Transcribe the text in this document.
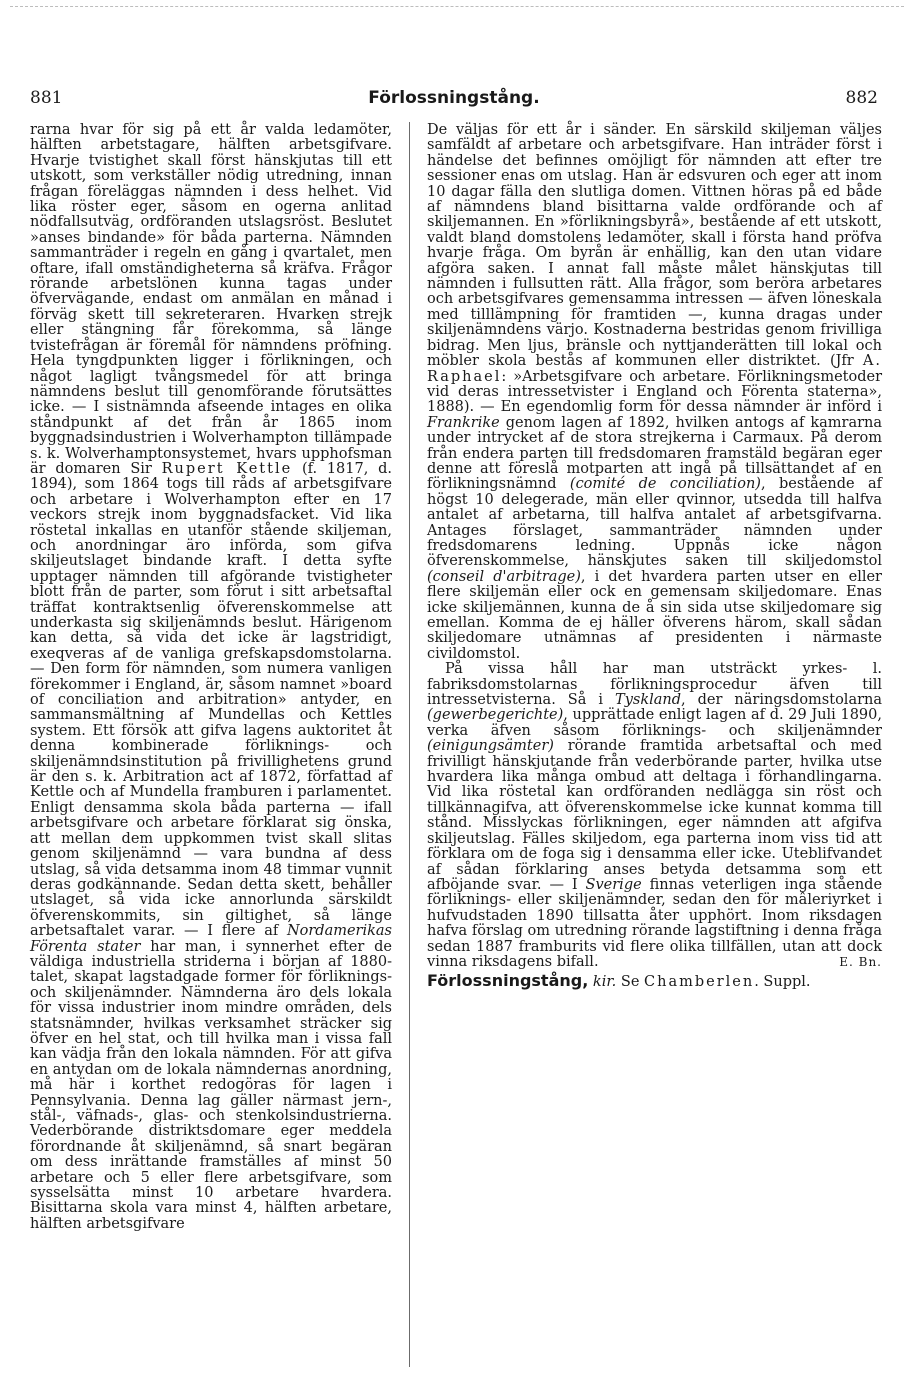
881	Förlossningstång.	882

rarna hvar för sig på ett år valda ledamöter, hälften arbetstagare, hälften arbetsgifvare. Hvarje tvistighet skall först hänskjutas till ett utskott, som verkställer nödig utredning, innan frågan föreläggas nämnden i dess helhet. Vid lika röster eger, såsom en ogerna anlitad nödfallsutväg, ordföranden utslagsröst. Beslutet »anses bindande» för båda parterna. Nämnden sammanträder i regeln en gång i qvartalet, men oftare, ifall omständigheterna så kräfva. Frågor rörande arbetslönen kunna tagas under öfvervägande, endast om anmälan en månad i förväg skett till sekreteraren. Hvarken strejk eller stängning får förekomma, så länge tvistefrågan är föremål för nämndens pröfning. Hela tyngdpunkten ligger i förlikningen, och något lagligt tvångsmedel för att bringa nämndens beslut till genomförande förutsättes icke. — I sistnämnda afseende intages en olika ståndpunkt af det från år 1865 inom byggnadsindustrien i Wolverhampton tillämpade s. k. Wolverhamptonsystemet, hvars upphofsman är domaren Sir Rupert Kettle (f. 1817, d. 1894), som 1864 togs till råds af arbetsgifvare och arbetare i Wolverhampton efter en 17 veckors strejk inom byggnadsfacket. Vid lika röstetal inkallas en utanför stående skiljeman, och anordningar äro införda, som gifva skiljeutslaget bindande kraft. I detta syfte upptager nämnden till afgörande tvistigheter blott från de parter, som förut i sitt arbetsaftal träffat kontraktsenlig öfverenskommelse att underkasta sig skiljenämnds beslut. Härigenom kan detta, så vida det icke är lagstridigt, exeqveras af de vanliga grefskapsdomstolarna. — Den form för nämnden, som numera vanligen förekommer i England, är, såsom namnet »board of conciliation and arbitration» antyder, en sammansmältning af Mundellas och Kettles system. Ett försök att gifva lagens auktoritet åt denna kombinerade förliknings- och skiljenämndsinstitution på frivillighetens grund är den s. k. Arbitration act af 1872, författad af Kettle och af Mundella framburen i parlamentet. Enligt densamma skola båda parterna — ifall arbetsgifvare och arbetare förklarat sig önska, att mellan dem uppkommen tvist skall slitas genom skiljenämnd — vara bundna af dess utslag, så vida detsamma inom 48 timmar vunnit deras godkännande. Sedan detta skett, behåller utslaget, så vida icke annorlunda särskildt öfverenskommits, sin giltighet, så länge arbetsaftalet varar. — I flere af Nordamerikas Förenta stater har man, i synnerhet efter de väldiga industriella striderna i början af 1880-talet, skapat lagstadgade former för förliknings- och skiljenämnder. Nämnderna äro dels lokala för vissa industrier inom mindre områden, dels statsnämnder, hvilkas verksamhet sträcker sig öfver en hel stat, och till hvilka man i vissa fall kan vädja från den lokala nämnden. För att gifva en antydan om de lokala nämndernas anordning, må här i korthet redogöras för lagen i Pennsylvania. Denna lag gäller närmast jern-, stål-, väfnads-, glas- och stenkolsindustrierna. Vederbörande distriktsdomare eger meddela förordnande åt skiljenämnd, så snart begäran om dess inrättande framställes af minst 50 arbetare och 5 eller flere arbetsgifvare, som sysselsätta minst 10 arbetare hvardera. Bisittarna skola vara minst 4, hälften arbetare, hälften arbetsgifvare

De väljas för ett år i sänder. En särskild skiljeman väljes samfäldt af arbetare och arbetsgifvare. Han inträder först i händelse det befinnes omöjligt för nämnden att efter tre sessioner enas om utslag. Han är edsvuren och eger att inom 10 dagar fälla den slutliga domen. Vittnen höras på ed både af nämndens bland bisittarna valde ordförande och af skiljemannen. En »förlikningsbyrå», bestående af ett utskott, valdt bland domstolens ledamöter, skall i första hand pröfva hvarje fråga. Om byrån är enhällig, kan den utan vidare afgöra saken. I annat fall måste målet hänskjutas till nämnden i fullsutten rätt. Alla frågor, som beröra arbetares och arbetsgifvares gemensamma intressen — äfven löneskala med tilllämpning för framtiden —, kunna dragas under skiljenämndens värjo. Kostnaderna bestridas genom frivilliga bidrag. Men ljus, bränsle och nyttjanderätten till lokal och möbler skola bestås af kommunen eller distriktet. (Jfr A. Raphael: »Arbetsgifvare och arbetare. Förlikningsmetoder vid deras intressetvister i England och Förenta staterna», 1888). — En egendomlig form för dessa nämnder är införd i Frankrike genom lagen af 1892, hvilken antogs af kamrarna under intrycket af de stora strejkerna i Carmaux. På derom från endera parten till fredsdomaren framstäld begäran eger denne att föreslå motparten att ingå på tillsättandet af en förlikningsnämnd (comité de conciliation), bestående af högst 10 delegerade, män eller qvinnor, utsedda till halfva antalet af arbetarna, till halfva antalet af arbetsgifvarna. Antages förslaget, sammanträder nämnden under fredsdomarens ledning. Uppnås icke någon öfverenskommelse, hänskjutes saken till skiljedomstol (conseil d'arbitrage), i det hvardera parten utser en eller flere skiljemän eller ock en gemensam skiljedomare. Enas icke skiljemännen, kunna de å sin sida utse skiljedomare sig emellan. Komma de ej häller öfverens härom, skall sådan skiljedomare utnämnas af presidenten i närmaste civildomstol.

På vissa håll har man utsträckt yrkes- l. fabriksdomstolarnas förlikningsprocedur äfven till intressetvisterna. Så i Tyskland, der näringsdomstolarna (gewerbegerichte), upprättade enligt lagen af d. 29 Juli 1890, verka äfven såsom förliknings- och skiljenämnder (einigungsämter) rörande framtida arbetsaftal och med frivilligt hänskjutande från vederbörande parter, hvilka utse hvardera lika många ombud att deltaga i förhandlingarna. Vid lika röstetal kan ordföranden nedlägga sin röst och tillkännagifva, att öfverenskommelse icke kunnat komma till stånd. Misslyckas förlikningen, eger nämnden att afgifva skiljeutslag. Fälles skiljedom, ega parterna inom viss tid att förklara om de foga sig i densamma eller icke. Uteblifvandet af sådan förklaring anses betyda detsamma som ett afböjande svar. — I Sverige finnas veterligen inga stående förliknings- eller skiljenämnder, sedan den för mâleriyrket i hufvudstaden 1890 tillsatta åter upphört. Inom riksdagen hafva förslag om utredning rörande lagstiftning i denna fråga sedan 1887 framburits vid flere olika tillfällen, utan att dock vinna riksdagens bifall.	E. Bn.

Förlossningstång, kir. Se Chamberlen. Suppl.
